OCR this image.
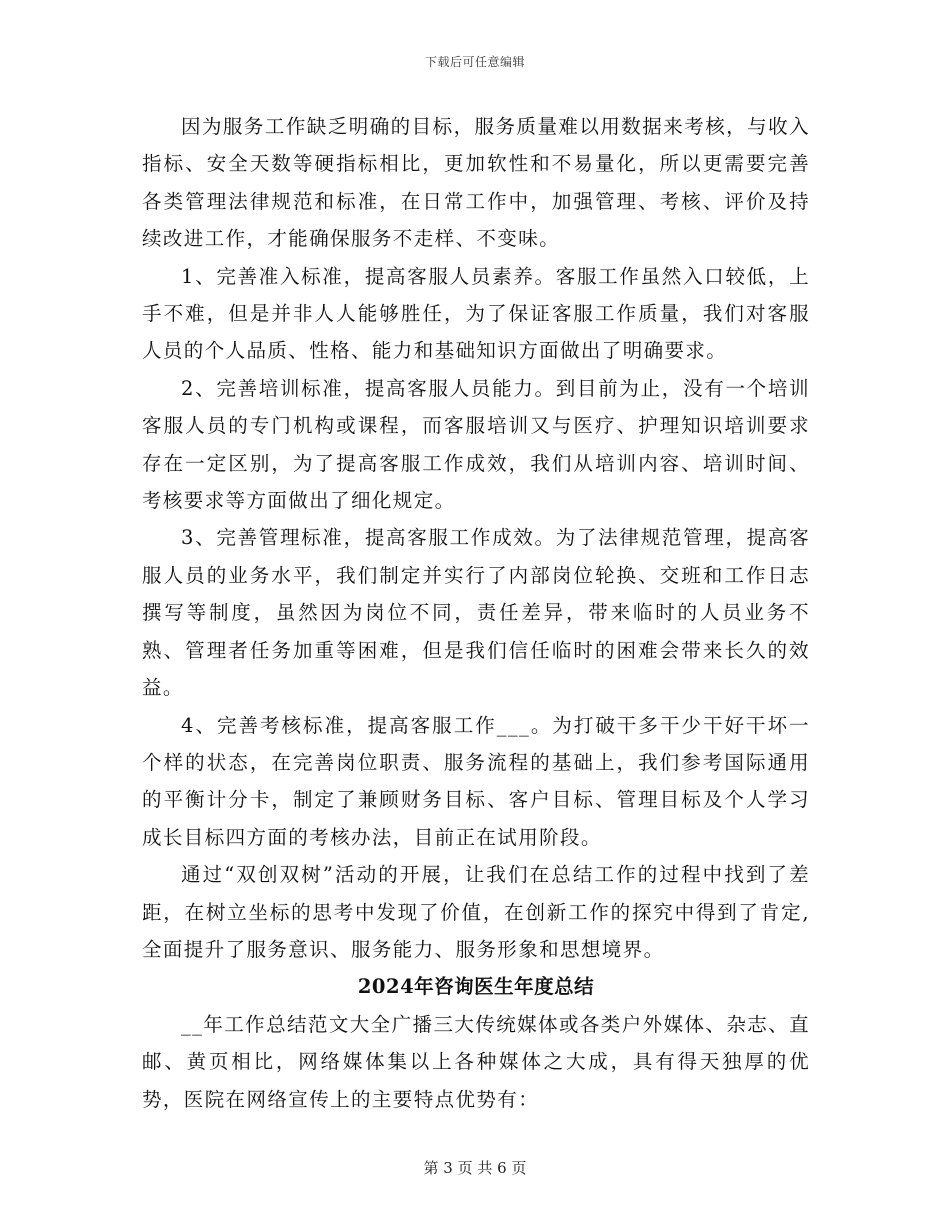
下载后可任意编辑

因为服务工作缺乏明确的目标，服务质量难以用数据来考核，与收入指标、安全天数等硬指标相比，更加软性和不易量化，所以更需要完善各类管理法律规范和标准，在日常工作中，加强管理、考核、评价及持续改进工作，才能确保服务不走样、不变味。

1、完善准入标准，提高客服人员素养。客服工作虽然入口较低，上手不难，但是并非人人能够胜任，为了保证客服工作质量，我们对客服人员的个人品质、性格、能力和基础知识方面做出了明确要求。

2、完善培训标准，提高客服人员能力。到目前为止，没有一个培训客服人员的专门机构或课程，而客服培训又与医疗、护理知识培训要求存在一定区别，为了提高客服工作成效，我们从培训内容、培训时间、考核要求等方面做出了细化规定。

3、完善管理标准，提高客服工作成效。为了法律规范管理，提高客服人员的业务水平，我们制定并实行了内部岗位轮换、交班和工作日志撰写等制度，虽然因为岗位不同，责任差异，带来临时的人员业务不熟、管理者任务加重等困难，但是我们信任临时的困难会带来长久的效益。

4、完善考核标准，提高客服工作___。为打破干多干少干好干坏一个样的状态，在完善岗位职责、服务流程的基础上，我们参考国际通用的平衡计分卡，制定了兼顾财务目标、客户目标、管理目标及个人学习成长目标四方面的考核办法，目前正在试用阶段。

通过“双创双树”活动的开展，让我们在总结工作的过程中找到了差距，在树立坐标的思考中发现了价值，在创新工作的探究中得到了肯定,全面提升了服务意识、服务能力、服务形象和思想境界。

2024年咨询医生年度总结

__年工作总结范文大全广播三大传统媒体或各类户外媒体、杂志、直邮、黄页相比，网络媒体集以上各种媒体之大成，具有得天独厚的优势，医院在网络宣传上的主要特点优势有：

第 3 页 共 6 页
